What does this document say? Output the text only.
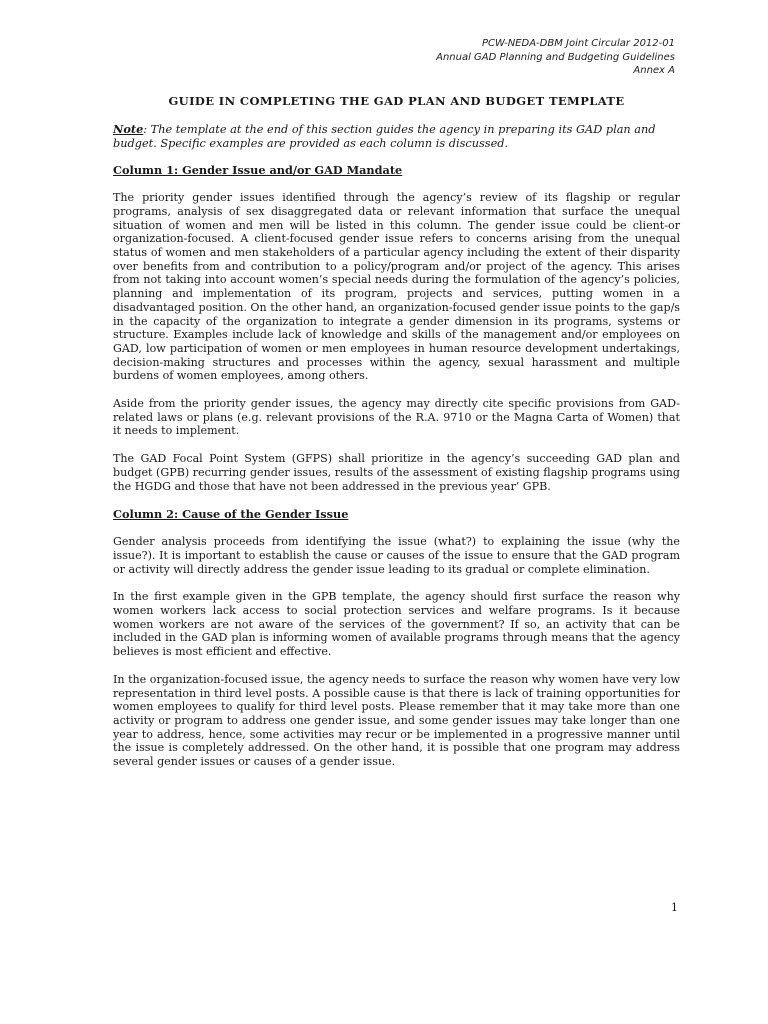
PCW-NEDA-DBM Joint Circular 2012-01
Annual GAD Planning and Budgeting Guidelines
Annex A
GUIDE IN COMPLETING THE GAD PLAN AND BUDGET TEMPLATE

Note: The template at the end of this section guides the agency in preparing its GAD plan and budget. Specific examples are provided as each column is discussed.

Column 1: Gender Issue and/or GAD Mandate

The priority gender issues identified through the agency’s review of its flagship or regular programs, analysis of sex disaggregated data or relevant information that surface the unequal situation of women and men will be listed in this column. The gender issue could be client-or organization-focused. A client-focused gender issue refers to concerns arising from the unequal status of women and men stakeholders of a particular agency including the extent of their disparity over benefits from and contribution to a policy/program and/or project of the agency. This arises from not taking into account women’s special needs during the formulation of the agency’s policies, planning and implementation of its program, projects and services, putting women in a disadvantaged position. On the other hand, an organization-focused gender issue points to the gap/s in the capacity of the organization to integrate a gender dimension in its programs, systems or structure. Examples include lack of knowledge and skills of the management and/or employees on GAD, low participation of women or men employees in human resource development undertakings, decision-making structures and processes within the agency, sexual harassment and multiple burdens of women employees, among others.

Aside from the priority gender issues, the agency may directly cite specific provisions from GAD-related laws or plans (e.g. relevant provisions of the R.A. 9710 or the Magna Carta of Women) that it needs to implement.

The GAD Focal Point System (GFPS) shall prioritize in the agency’s succeeding GAD plan and budget (GPB) recurring gender issues, results of the assessment of existing flagship programs using the HGDG and those that have not been addressed in the previous year’ GPB.

Column 2: Cause of the Gender Issue

Gender analysis proceeds from identifying the issue (what?) to explaining the issue (why the issue?). It is important to establish the cause or causes of the issue to ensure that the GAD program or activity will directly address the gender issue leading to its gradual or complete elimination.

In the first example given in the GPB template, the agency should first surface the reason why women workers lack access to social protection services and welfare programs. Is it because women workers are not aware of the services of the government? If so, an activity that can be included in the GAD plan is informing women of available programs through means that the agency believes is most efficient and effective.

In the organization-focused issue, the agency needs to surface the reason why women have very low representation in third level posts. A possible cause is that there is lack of training opportunities for women employees to qualify for third level posts. Please remember that it may take more than one activity or program to address one gender issue, and some gender issues may take longer than one year to address, hence, some activities may recur or be implemented in a progressive manner until the issue is completely addressed. On the other hand, it is possible that one program may address several gender issues or causes of a gender issue.

1
